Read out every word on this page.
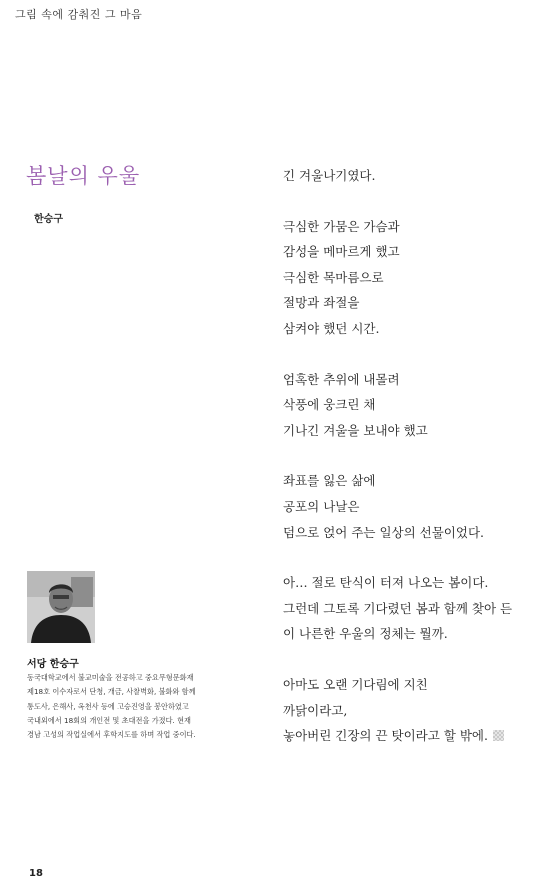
그림 속에 감춰진 그 마음
봄날의 우울
한승구
긴 겨울나기였다.
극심한 가뭄은 가슴과
감성을 메마르게 했고
극심한 목마름으로
절망과 좌절을
삼켜야 했던 시간.
엄혹한 추위에 내몰려
삭풍에 웅크린 채
기나긴 겨울을 보내야 했고
좌표를 잃은 삶에
공포의 나날은
덤으로 얹어 주는 일상의 선물이었다.
아… 절로 탄식이 터져 나오는 봄이다.
그런데 그토록 기다렸던 봄과 함께 찾아 든
이 나른한 우울의 정체는 뭘까.
아마도 오랜 기다림에 지친
까닭이라고,
놓아버린 긴장의 끈 탓이라고 할 밖에.
서당 한승구
동국대학교에서 불교미술을 전공하고 중요무형문화재
제18호 이수자로서 단청, 개금, 사찰벽화, 불화와 함께
통도사, 은해사, 옥천사 등에 고승진영을 봉안하였고
국내외에서 18회의 개인전 및 초대전을 가졌다. 현재
경남 고성의 작업실에서 후학지도를 하며 작업 중이다.
18
